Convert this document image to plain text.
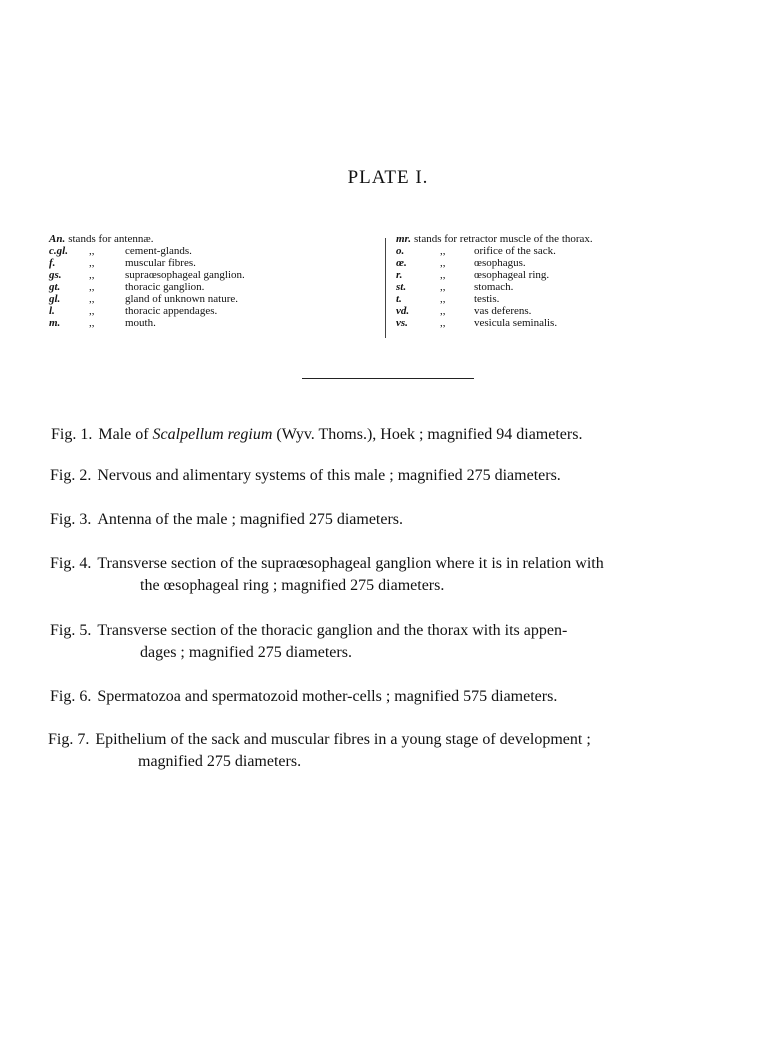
PLATE I.
An. stands for antennæ.
c.gl.	,,	cement-glands.
f.	,,	muscular fibres.
gs.	,,	supraœsophageal ganglion.
gt.	,,	thoracic ganglion.
gl.	,,	gland of unknown nature.
l.	,,	thoracic appendages.
m.	,,	mouth.
mr. stands for retractor muscle of the thorax.
o.	,,	orifice of the sack.
œ.	,,	œsophagus.
r.	,,	œsophageal ring.
st.	,,	stomach.
t.	,,	testis.
vd.	,,	vas deferens.
vs.	,,	vesicula seminalis.
Fig. 1. Male of Scalpellum regium (Wyv. Thoms.), Hoek ; magnified 94 diameters.
Fig. 2. Nervous and alimentary systems of this male ; magnified 275 diameters.
Fig. 3. Antenna of the male ; magnified 275 diameters.
Fig. 4. Transverse section of the supraœsophageal ganglion where it is in relation with
the œsophageal ring ; magnified 275 diameters.
Fig. 5. Transverse section of the thoracic ganglion and the thorax with its appen-
dages ; magnified 275 diameters.
Fig. 6. Spermatozoa and spermatozoid mother-cells ; magnified 575 diameters.
Fig. 7. Epithelium of the sack and muscular fibres in a young stage of development ;
magnified 275 diameters.
